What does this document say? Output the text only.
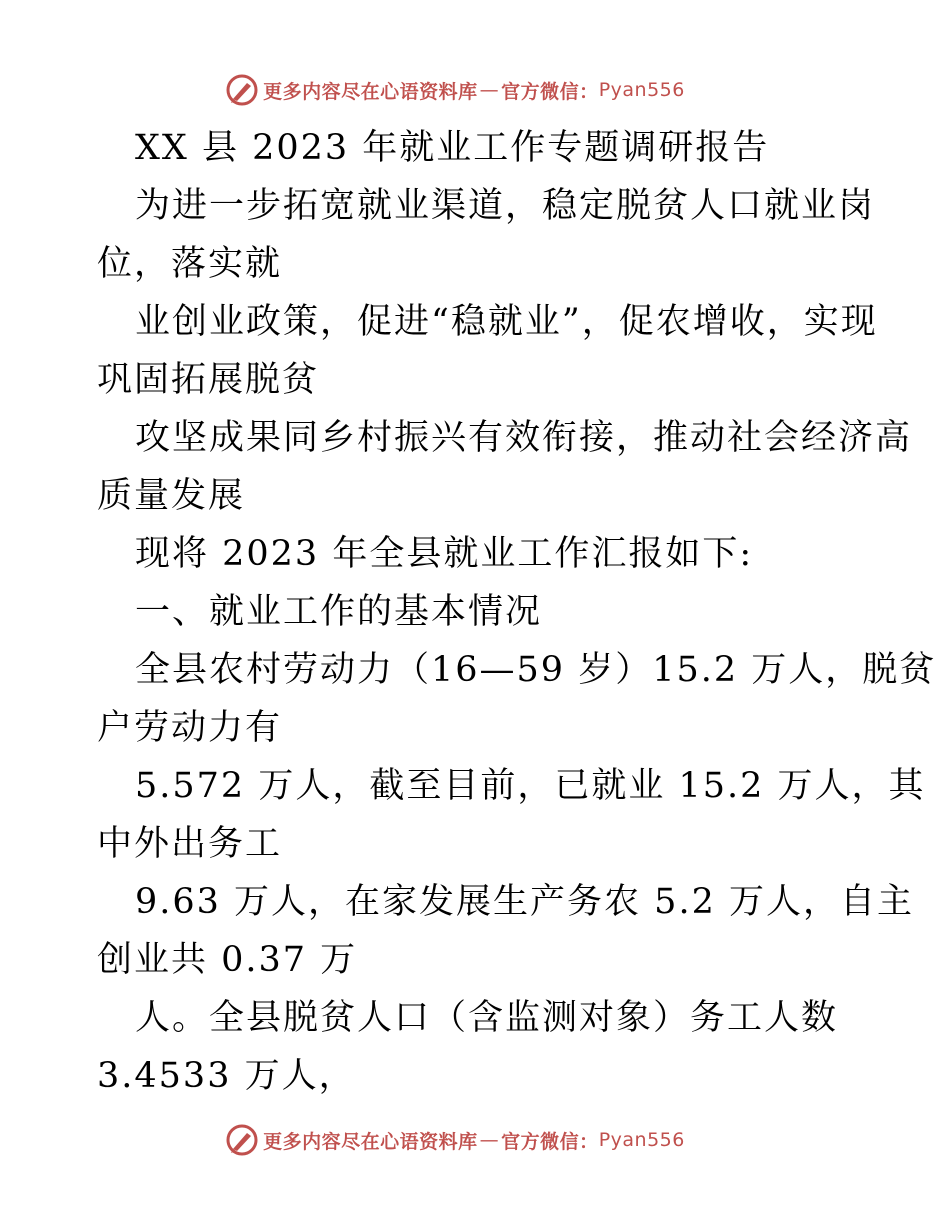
更多内容尽在心语资料库 — 官方微信： Pyan556
XX 县 2023 年就业工作专题调研报告
为进一步拓宽就业渠道，稳定脱贫人口就业岗
位，落实就
业创业政策，促进“稳就业”，促农增收，实现
巩固拓展脱贫
攻坚成果同乡村振兴有效衔接，推动社会经济高
质量发展
现将 2023 年全县就业工作汇报如下:
一、就业工作的基本情况
全县农村劳动力（16—59 岁）15.2 万人，脱贫
户劳动力有
5.572 万人，截至目前，已就业 15.2 万人，其
中外出务工
9.63 万人，在家发展生产务农 5.2 万人，自主
创业共 0.37 万
人。全县脱贫人口（含监测对象）务工人数
3.4533 万人，
更多内容尽在心语资料库 — 官方微信： Pyan556
